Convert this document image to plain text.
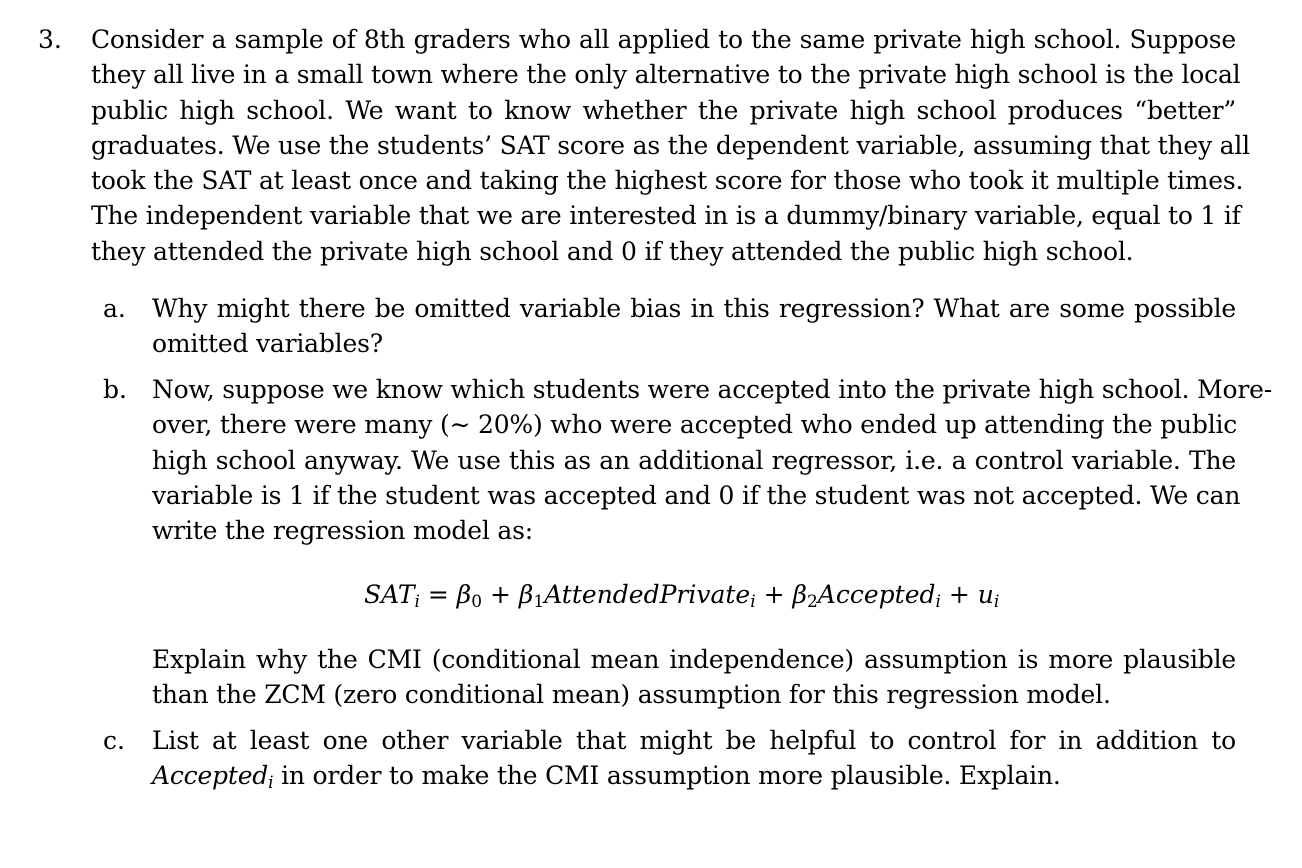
3. Consider a sample of 8th graders who all applied to the same private high school. Suppose
they all live in a small town where the only alternative to the private high school is the local
public high school. We want to know whether the private high school produces “better”
graduates. We use the students’ SAT score as the dependent variable, assuming that they all
took the SAT at least once and taking the highest score for those who took it multiple times.
The independent variable that we are interested in is a dummy/binary variable, equal to 1 if
they attended the private high school and 0 if they attended the public high school.
a. Why might there be omitted variable bias in this regression? What are some possible
omitted variables?
b. Now, suppose we know which students were accepted into the private high school. More-
over, there were many (∼ 20%) who were accepted who ended up attending the public
high school anyway. We use this as an additional regressor, i.e. a control variable. The
variable is 1 if the student was accepted and 0 if the student was not accepted. We can
write the regression model as:
$SAT_i = \beta_0$ + $\beta_1AttendedPrivate_i$ + $\beta_2Accepted_i + u_i$
Explain why the CMI (conditional mean independence) assumption is more plausible
than the ZCM (zero conditional mean) assumption for this regression model.
c. List at least one other variable that might be helpful to control for in addition to
Accepted$_i$ in order to make the CMI assumption more plausible. Explain.
